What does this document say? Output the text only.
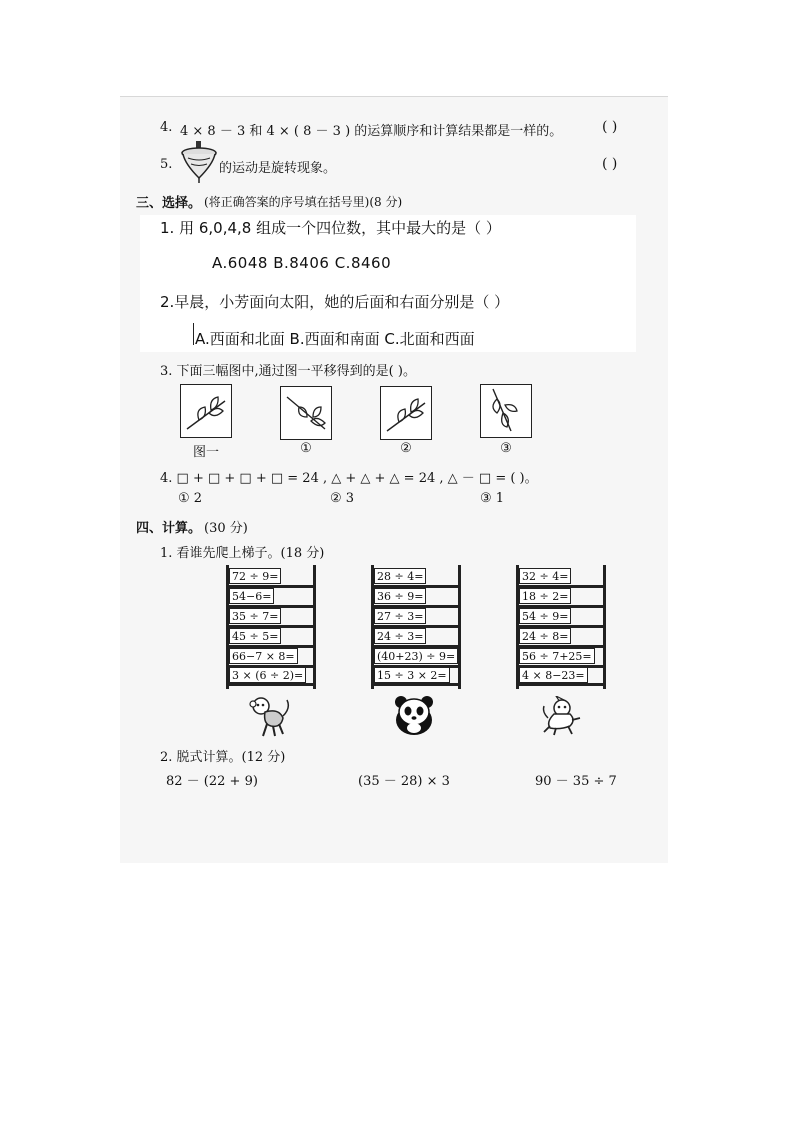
4. 4 × 8 － 3 和 4 × ( 8 － 3 ) 的运算顺序和计算结果都是一样的。	( )
5.	的运动是旋转现象。	( )
三、选择。 (将正确答案的序号填在括号里)(8 分)
1. 用 6,0,4,8 组成一个四位数，其中最大的是（ ）
A.6048 B.8406 C.8460
2.早晨，小芳面向太阳，她的后面和右面分别是（ ）
A.西面和北面 B.西面和南面 C.北面和西面
3. 下面三幅图中,通过图一平移得到的是( )。
图一	①	②	③
4. □ + □ + □ + □ = 24 , △ + △ + △ = 24 , △ － □ = ( )。
① 2	② 3	③ 1
四、计算。 (30 分)
1. 看谁先爬上梯子。(18 分)
72 ÷ 9=
54−6=
35 ÷ 7=
45 ÷ 5=
66−7 × 8=
3 × (6 ÷ 2)=
28 ÷ 4=
36 ÷ 9=
27 ÷ 3=
24 ÷ 3=
(40+23) ÷ 9=
15 ÷ 3 × 2=
32 ÷ 4=
18 ÷ 2=
54 ÷ 9=
24 ÷ 8=
56 ÷ 7+25=
4 × 8−23=
2. 脱式计算。(12 分)
82 － (22 + 9)	(35 － 28) × 3	90 － 35 ÷ 7
